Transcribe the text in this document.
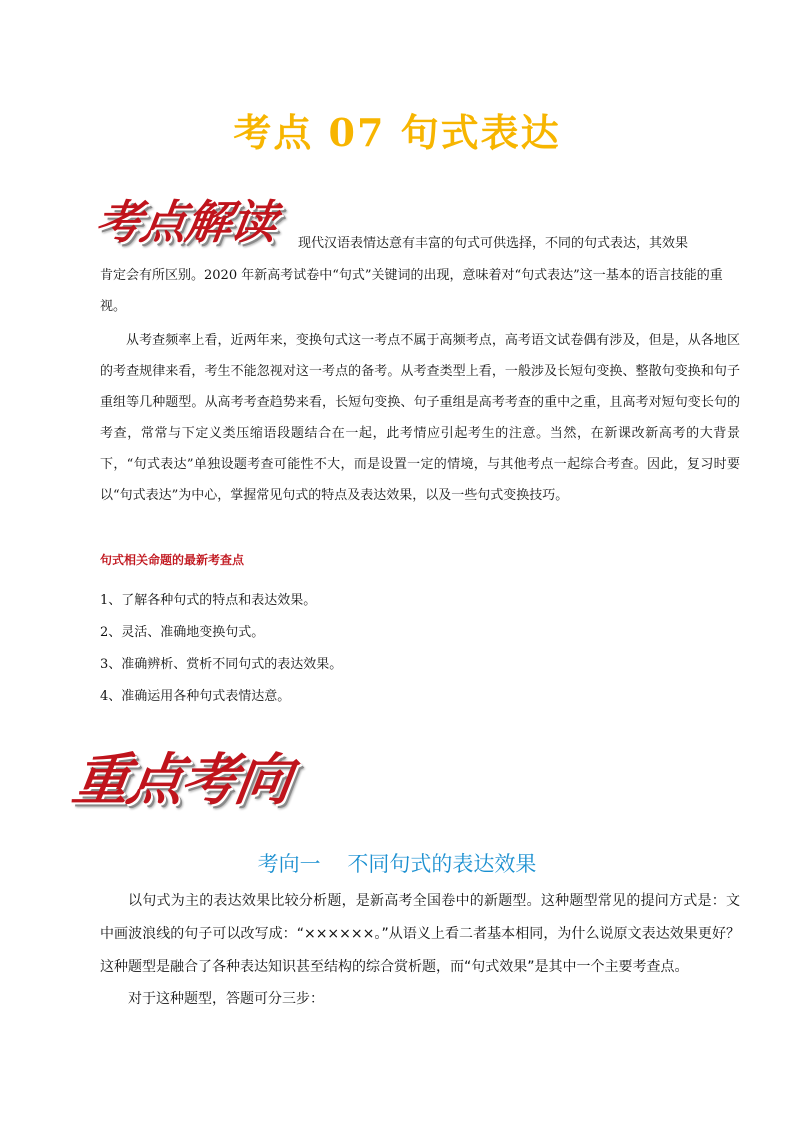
考点 07 句式表达
考点解读 现代汉语表情达意有丰富的句式可供选择，不同的句式表达，其效果
肯定会有所区别。2020 年新高考试卷中“句式”关键词的出现，意味着对“句式表达”这一基本的语言技能的重视。
从考查频率上看，近两年来，变换句式这一考点不属于高频考点，高考语文试卷偶有涉及，但是，从各地区的考查规律来看，考生不能忽视对这一考点的备考。从考查类型上看，一般涉及长短句变换、整散句变换和句子重组等几种题型。从高考考查趋势来看，长短句变换、句子重组是高考考查的重中之重，且高考对短句变长句的考查，常常与下定义类压缩语段题结合在一起，此考情应引起考生的注意。当然，在新课改新高考的大背景下，“句式表达”单独设题考查可能性不大，而是设置一定的情境，与其他考点一起综合考查。因此，复习时要以“句式表达”为中心，掌握常见句式的特点及表达效果，以及一些句式变换技巧。
句式相关命题的最新考查点
1、了解各种句式的特点和表达效果。
2、灵活、准确地变换句式。
3、准确辨析、赏析不同句式的表达效果。
4、准确运用各种句式表情达意。
重点考向
考向一    不同句式的表达效果
以句式为主的表达效果比较分析题，是新高考全国卷中的新题型。这种题型常见的提问方式是：文中画波浪线的句子可以改写成：“××××××。”从语义上看二者基本相同，为什么说原文表达效果更好？这种题型是融合了各种表达知识甚至结构的综合赏析题，而“句式效果”是其中一个主要考查点。
对于这种题型，答题可分三步：
